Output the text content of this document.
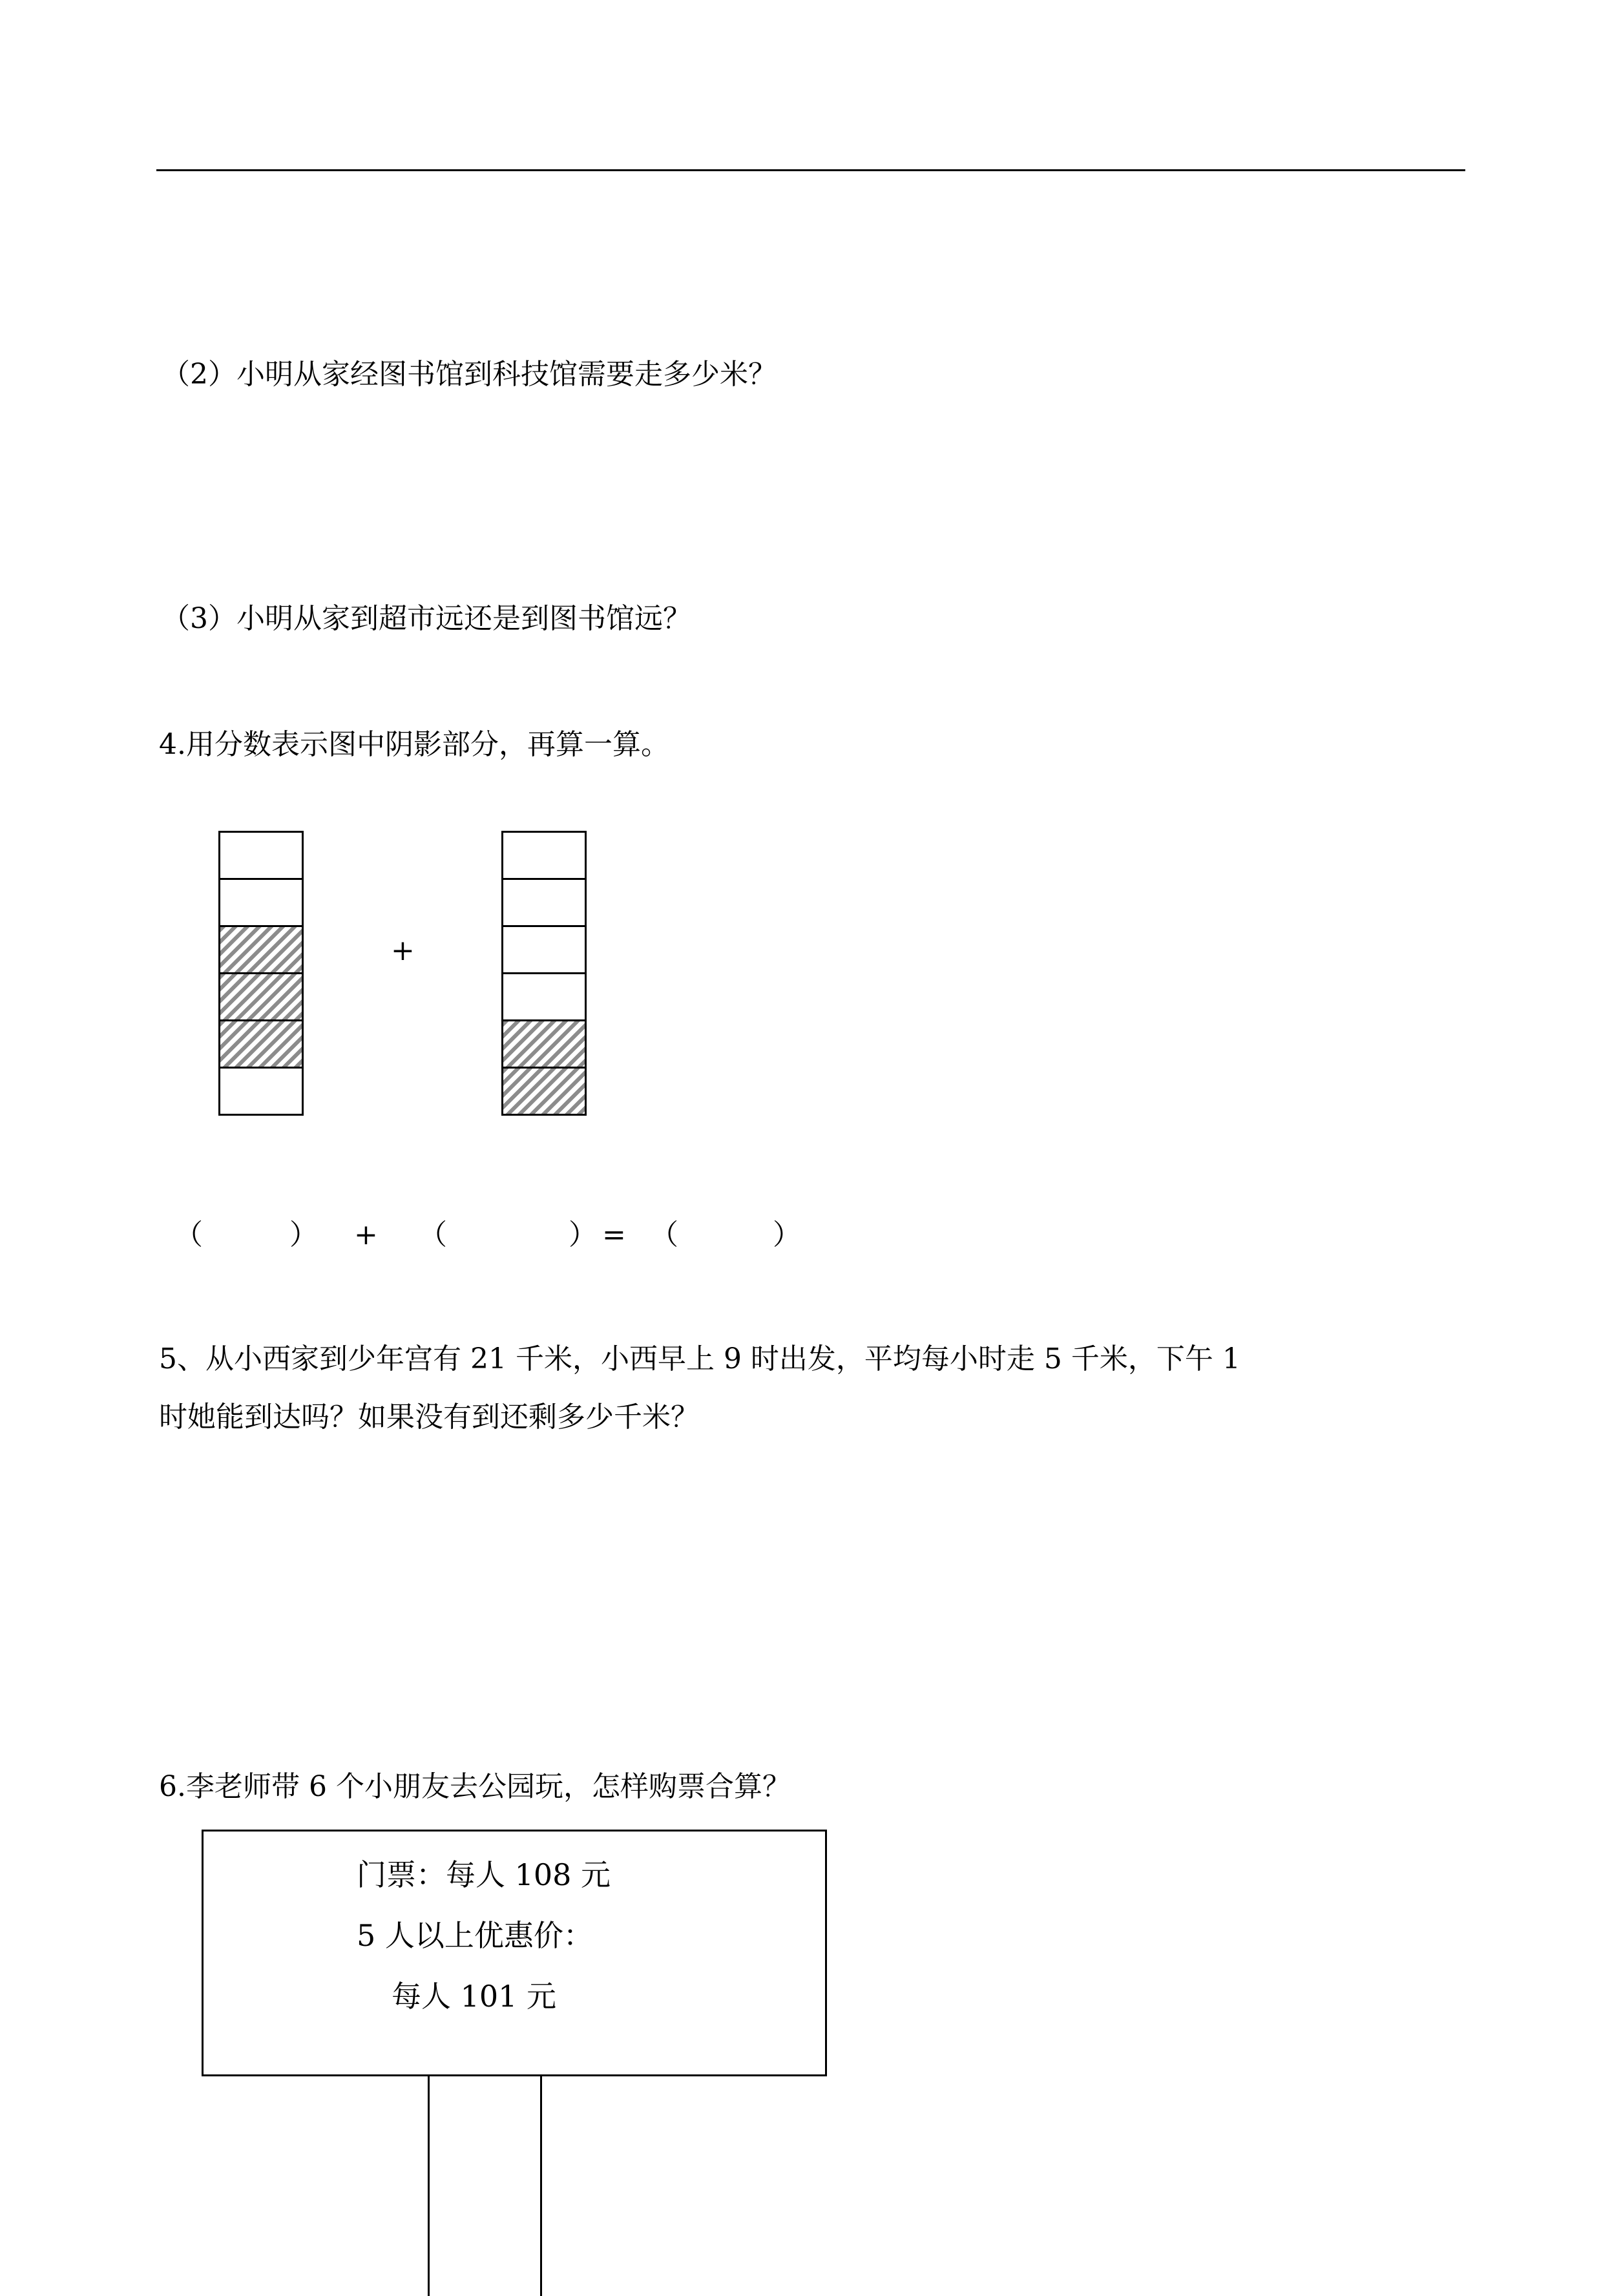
（2）小明从家经图书馆到科技馆需要走多少米？
（3）小明从家到超市远还是到图书馆远？
4.用分数表示图中阴影部分，再算一算。
+
（	） + （	） = （	）
5、从小西家到少年宫有 21 千米，小西早上 9 时出发，平均每小时走 5 千米，下午 1
时她能到达吗？如果没有到还剩多少千米？
6.李老师带 6 个小朋友去公园玩，怎样购票合算？
门票：每人 108 元
5 人以上优惠价：
每人 101 元
